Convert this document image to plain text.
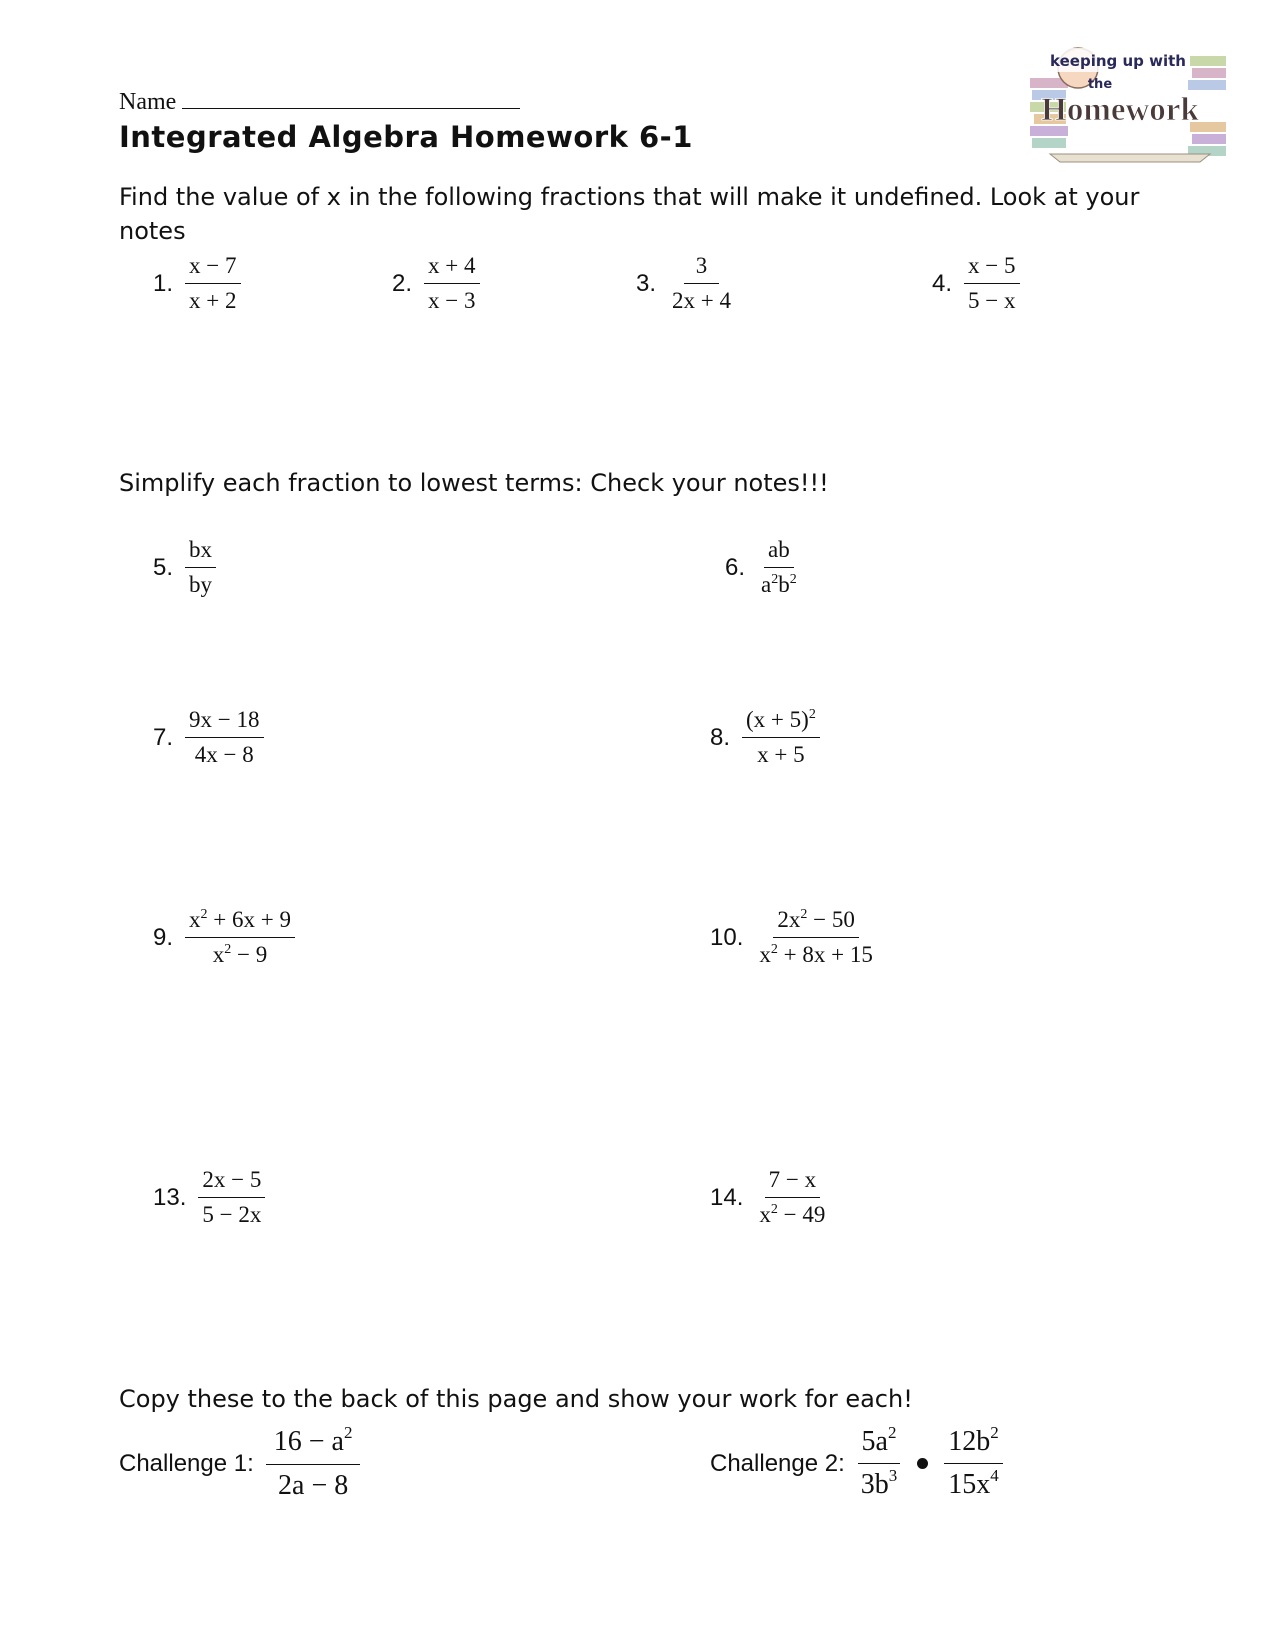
Name
Integrated Algebra Homework 6-1
keeping up with
the
Homework
Find the value of x in the following fractions that will make it undefined. Look at your notes
1. $\frac{x - 7}{x + 2}$	2. $\frac{x + 4}{x - 3}$	3. $\frac{3}{2x + 4}$	4. $\frac{x - 5}{5 - x}$
Simplify each fraction to lowest terms: Check your notes!!!
5. $\frac{bx}{by}$	6. $\frac{ab}{a^2b^2}$
7. $\frac{9x - 18}{4x - 8}$	8. $\frac{(x + 5)^2}{x + 5}$
9. $\frac{x^2 + 6x + 9}{x^2 - 9}$	10. $\frac{2x^2 - 50}{x^2 + 8x + 15}$
13. $\frac{2x - 5}{5 - 2x}$	14. $\frac{7 - x}{x^2 - 49}$
Copy these to the back of this page and show your work for each!
Challenge 1: $\frac{16 - a^2}{2a - 8}$	Challenge 2: $\frac{5a^2}{3b^3} \frac{12b^2}{15x^4}$
